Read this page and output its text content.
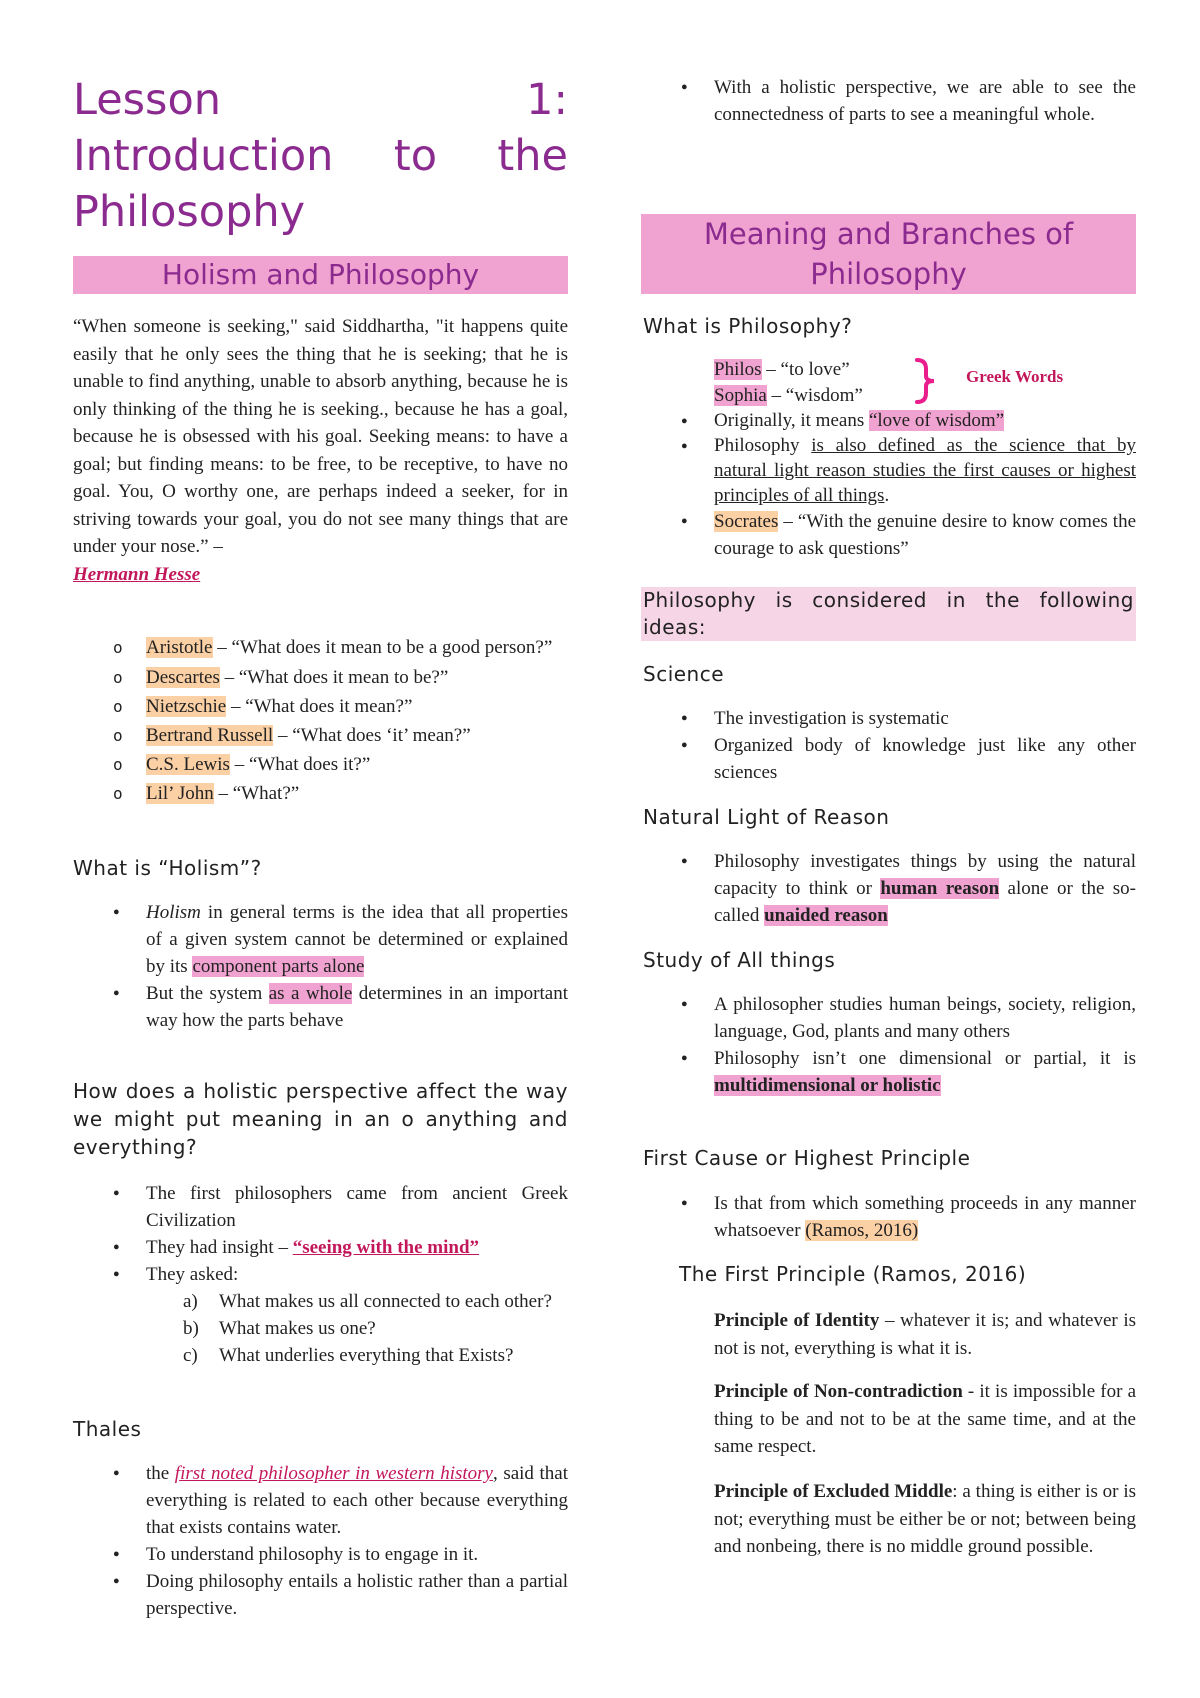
Lesson	1:
Introduction to the
Philosophy
Holism and Philosophy
“When someone is seeking," said Siddhartha, "it happens quite easily that he only sees the thing that he is seeking; that he is unable to find anything, unable to absorb anything, because he is only thinking of the thing he is seeking., because he has a goal, because he is obsessed with his goal. Seeking means: to have a goal; but finding means: to be free, to be receptive, to have no goal. You, O worthy one, are perhaps indeed a seeker, for in striving towards your goal, you do not see many things that are under your nose.” –
Hermann Hesse
o Aristotle – “What does it mean to be a good person?”
o Descartes – “What does it mean to be?”
o Nietzschie – “What does it mean?”
o Bertrand Russell – “What does ‘it’ mean?”
o C.S. Lewis – “What does it?”
o Lil’ John – “What?”
What is “Holism”?
● Holism in general terms is the idea that all properties of a given system cannot be determined or explained by its component parts alone
● But the system as a whole determines in an important way how the parts behave
How does a holistic perspective affect the way we might put meaning in an o anything and everything?
● The first philosophers came from ancient Greek Civilization
● They had insight – “seeing with the mind”
● They asked:
a) What makes us all connected to each other?
b) What makes us one?
c) What underlies everything that Exists?
Thales
● the first noted philosopher in western history, said that everything is related to each other because everything that exists contains water.
● To understand philosophy is to engage in it.
● Doing philosophy entails a holistic rather than a partial perspective.
● With a holistic perspective, we are able to see the connectedness of parts to see a meaningful whole.
Meaning and Branches of Philosophy
What is Philosophy?
Philos – “to love”
Sophia – “wisdom”
Greek Words
● Originally, it means “love of wisdom”
● Philosophy is also defined as the science that by natural light reason studies the first causes or highest principles of all things.
● Socrates – “With the genuine desire to know comes the courage to ask questions”
Philosophy is considered in the following ideas:
Science
● The investigation is systematic
● Organized body of knowledge just like any other sciences
Natural Light of Reason
● Philosophy investigates things by using the natural capacity to think or human reason alone or the so-called unaided reason
Study of All things
● A philosopher studies human beings, society, religion, language, God, plants and many others
● Philosophy isn’t one dimensional or partial, it is multidimensional or holistic
First Cause or Highest Principle
● Is that from which something proceeds in any manner whatsoever (Ramos, 2016)
The First Principle (Ramos, 2016)
Principle of Identity – whatever it is; and whatever is not is not, everything is what it is.
Principle of Non-contradiction - it is impossible for a thing to be and not to be at the same time, and at the same respect.
Principle of Excluded Middle: a thing is either is or is not; everything must be either be or not; between being and nonbeing, there is no middle ground possible.
